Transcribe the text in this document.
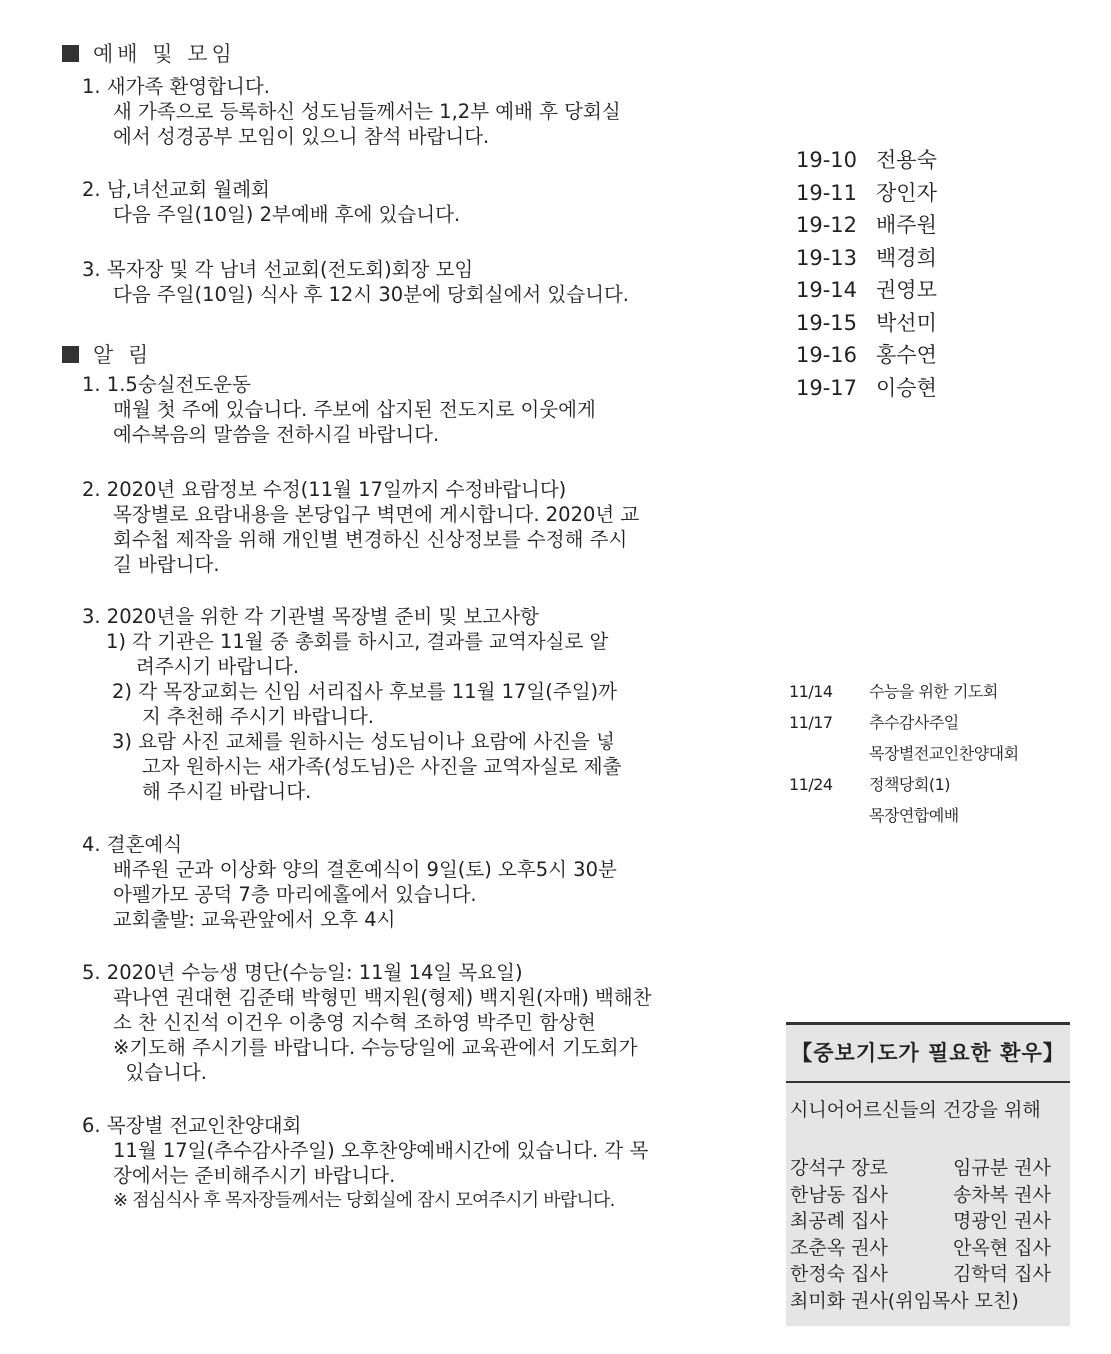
예배 및 모임
1. 새가족 환영합니다.
새 가족으로 등록하신 성도님들께서는 1,2부 예배 후 당회실
에서 성경공부 모임이 있으니 참석 바랍니다.
2. 남,녀선교회 월례회
다음 주일(10일) 2부예배 후에 있습니다.
3. 목자장 및 각 남녀 선교회(전도회)회장 모임
다음 주일(10일) 식사 후 12시 30분에 당회실에서 있습니다.
알 림
1. 1.5숭실전도운동
매월 첫 주에 있습니다. 주보에 삽지된 전도지로 이웃에게
예수복음의 말씀을 전하시길 바랍니다.
2. 2020년 요람정보 수정(11월 17일까지 수정바랍니다)
목장별로 요람내용을 본당입구 벽면에 게시합니다. 2020년 교
회수첩 제작을 위해 개인별 변경하신 신상정보를 수정해 주시
길 바랍니다.
3. 2020년을 위한 각 기관별 목장별 준비 및 보고사항
1) 각 기관은 11월 중 총회를 하시고, 결과를 교역자실로 알
려주시기 바랍니다.
2) 각 목장교회는 신임 서리집사 후보를 11월 17일(주일)까
지 추천해 주시기 바랍니다.
3) 요람 사진 교체를 원하시는 성도님이나 요람에 사진을 넣
고자 원하시는 새가족(성도님)은 사진을 교역자실로 제출
해 주시길 바랍니다.
4. 결혼예식
배주원 군과 이상화 양의 결혼예식이 9일(토) 오후5시 30분
아펠가모 공덕 7층 마리에홀에서 있습니다.
교회출발: 교육관앞에서 오후 4시
5. 2020년 수능생 명단(수능일: 11월 14일 목요일)
곽나연 권대현 김준태 박형민 백지원(형제) 백지원(자매) 백해찬
소 찬 신진석 이건우 이충영 지수혁 조하영 박주민 함상현
※기도해 주시기를 바랍니다. 수능당일에 교육관에서 기도회가
있습니다.
6. 목장별 전교인찬양대회
11월 17일(추수감사주일) 오후찬양예배시간에 있습니다. 각 목
장에서는 준비해주시기 바랍니다.
※ 점심식사 후 목자장들께서는 당회실에 잠시 모여주시기 바랍니다.
19-10 전용숙
19-11 장인자
19-12 배주원
19-13 백경희
19-14 권영모
19-15 박선미
19-16 홍수연
19-17 이승현
11/14	수능을 위한 기도회
11/17	추수감사주일
목장별전교인찬양대회
11/24	정책당회(1)
목장연합예배
【중보기도가 필요한 환우】
시니어어르신들의 건강을 위해
강석구 장로	임규분 권사
한남동 집사	송차복 권사
최공례 집사	명광인 권사
조춘옥 권사	안옥현 집사
한정숙 집사	김학덕 집사
최미화 권사(위임목사 모친)
